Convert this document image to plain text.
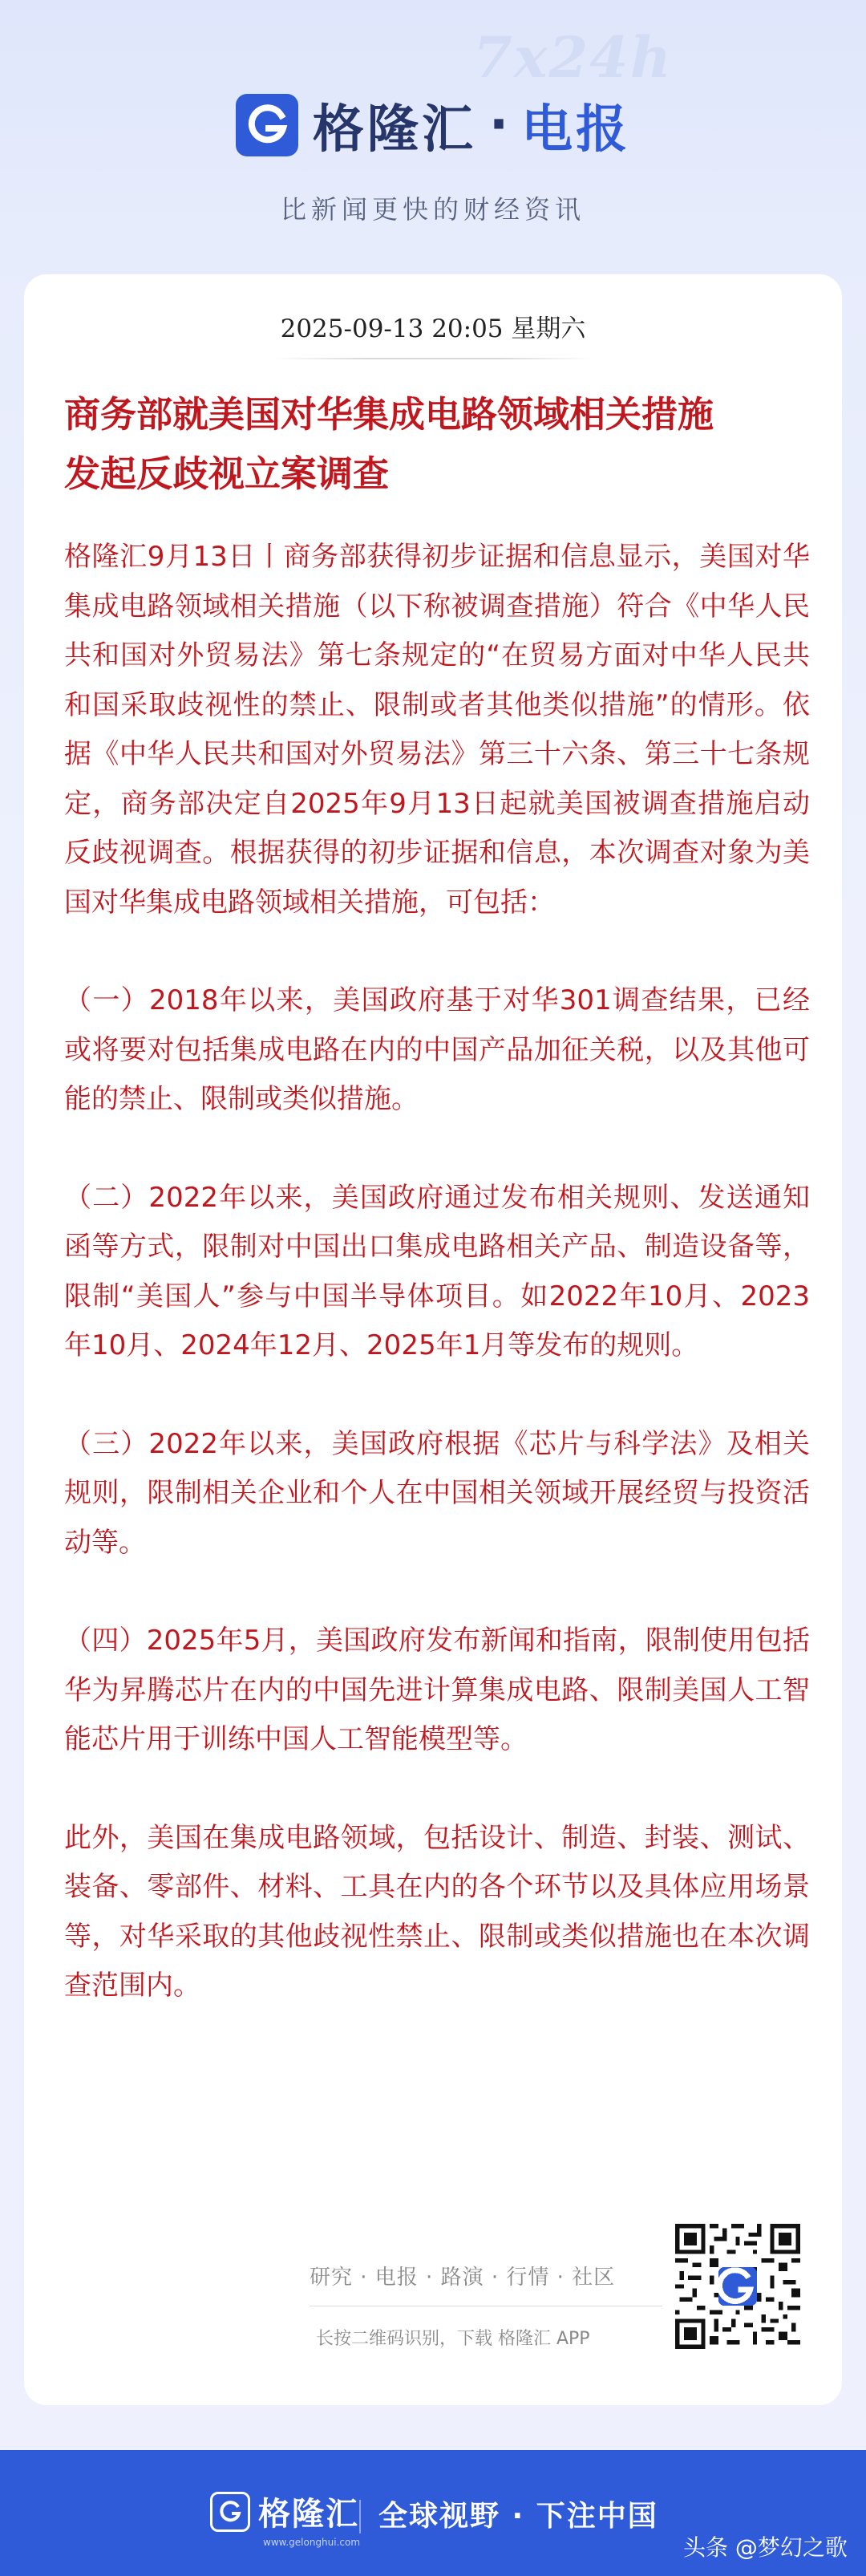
7x24h
格隆汇 · 电报
比新闻更快的财经资讯
2025-09-13 20:05 星期六
商务部就美国对华集成电路领域相关措施
发起反歧视立案调查

格隆汇9月13日丨商务部获得初步证据和信息显示，美国对华集成电路领域相关措施（以下称被调查措施）符合《中华人民共和国对外贸易法》第七条规定的“在贸易方面对中华人民共和国采取歧视性的禁止、限制或者其他类似措施”的情形。依据《中华人民共和国对外贸易法》第三十六条、第三十七条规定，商务部决定自2025年9月13日起就美国被调查措施启动反歧视调查。根据获得的初步证据和信息，本次调查对象为美国对华集成电路领域相关措施，可包括：

（一）2018年以来，美国政府基于对华301调查结果，已经或将要对包括集成电路在内的中国产品加征关税，以及其他可能的禁止、限制或类似措施。

（二）2022年以来，美国政府通过发布相关规则、发送通知函等方式，限制对中国出口集成电路相关产品、制造设备等，限制“美国人”参与中国半导体项目。如2022年10月、2023年10月、2024年12月、2025年1月等发布的规则。

（三）2022年以来，美国政府根据《芯片与科学法》及相关规则，限制相关企业和个人在中国相关领域开展经贸与投资活动等。

（四）2025年5月，美国政府发布新闻和指南，限制使用包括华为昇腾芯片在内的中国先进计算集成电路、限制美国人工智能芯片用于训练中国人工智能模型等。

此外，美国在集成电路领域，包括设计、制造、封装、测试、装备、零部件、材料、工具在内的各个环节以及具体应用场景等，对华采取的其他歧视性禁止、限制或类似措施也在本次调查范围内。

研究 · 电报 · 路演 · 行情 · 社区
长按二维码识别，下载 格隆汇 APP
格隆汇
www.gelonghui.com
全球视野 · 下注中国
头条 @梦幻之歌
